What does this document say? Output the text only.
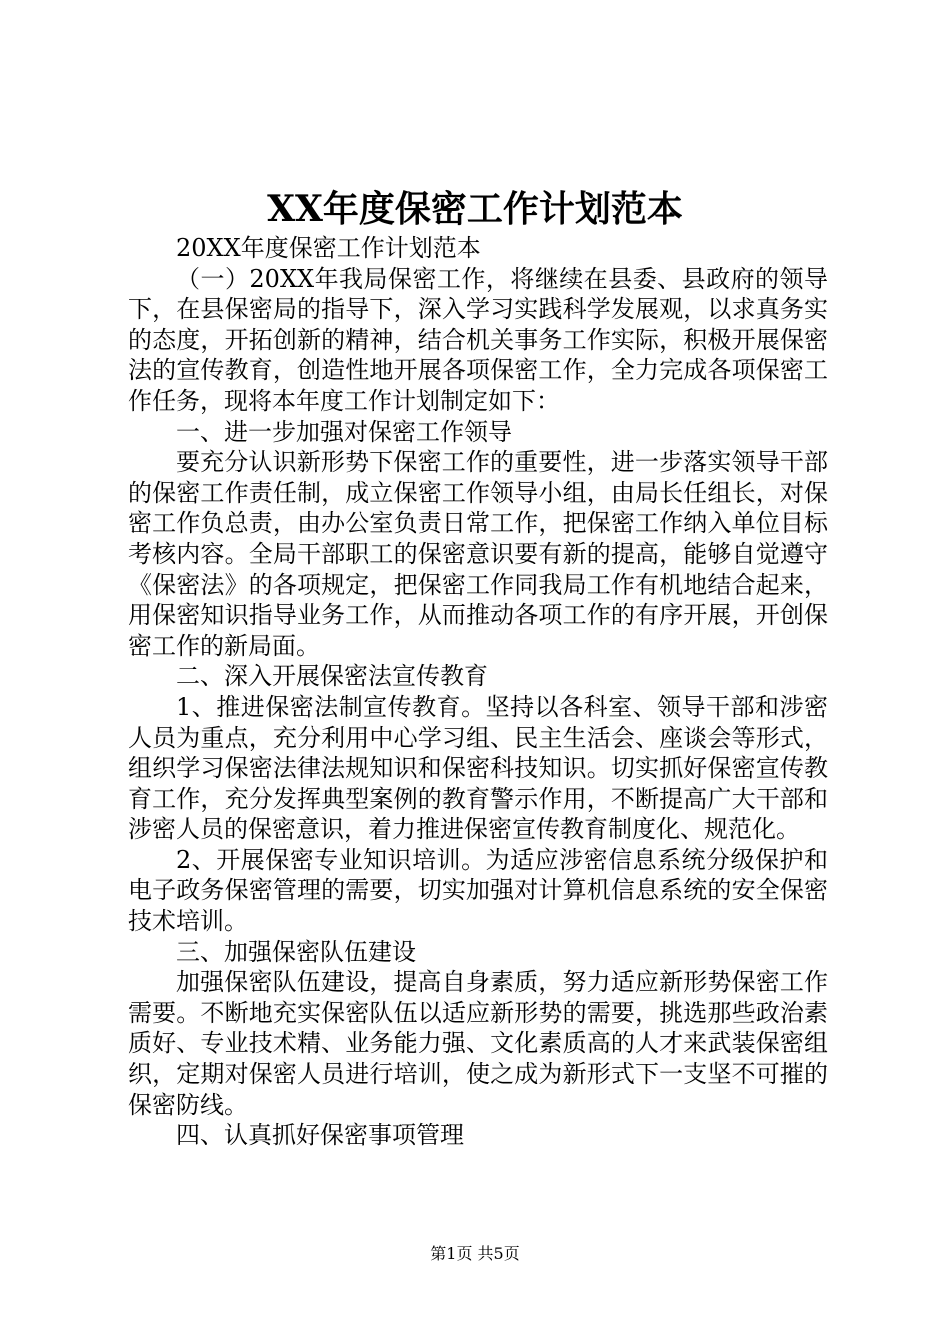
XX年度保密工作计划范本

20XX年度保密工作计划范本

（一）20XX年我局保密工作，将继续在县委、县政府的领导下，在县保密局的指导下，深入学习实践科学发展观，以求真务实的态度，开拓创新的精神，结合机关事务工作实际，积极开展保密法的宣传教育，创造性地开展各项保密工作，全力完成各项保密工作任务，现将本年度工作计划制定如下：

一、进一步加强对保密工作领导

要充分认识新形势下保密工作的重要性，进一步落实领导干部的保密工作责任制，成立保密工作领导小组，由局长任组长，对保密工作负总责，由办公室负责日常工作，把保密工作纳入单位目标考核内容。全局干部职工的保密意识要有新的提高，能够自觉遵守《保密法》的各项规定，把保密工作同我局工作有机地结合起来，用保密知识指导业务工作，从而推动各项工作的有序开展，开创保密工作的新局面。

二、深入开展保密法宣传教育

1、推进保密法制宣传教育。坚持以各科室、领导干部和涉密人员为重点，充分利用中心学习组、民主生活会、座谈会等形式，组织学习保密法律法规知识和保密科技知识。切实抓好保密宣传教育工作，充分发挥典型案例的教育警示作用，不断提高广大干部和涉密人员的保密意识，着力推进保密宣传教育制度化、规范化。

2、开展保密专业知识培训。为适应涉密信息系统分级保护和电子政务保密管理的需要，切实加强对计算机信息系统的安全保密技术培训。

三、加强保密队伍建设

加强保密队伍建设，提高自身素质，努力适应新形势保密工作需要。不断地充实保密队伍以适应新形势的需要，挑选那些政治素质好、专业技术精、业务能力强、文化素质高的人才来武装保密组织，定期对保密人员进行培训，使之成为新形式下一支坚不可摧的保密防线。

四、认真抓好保密事项管理

第1页 共5页
